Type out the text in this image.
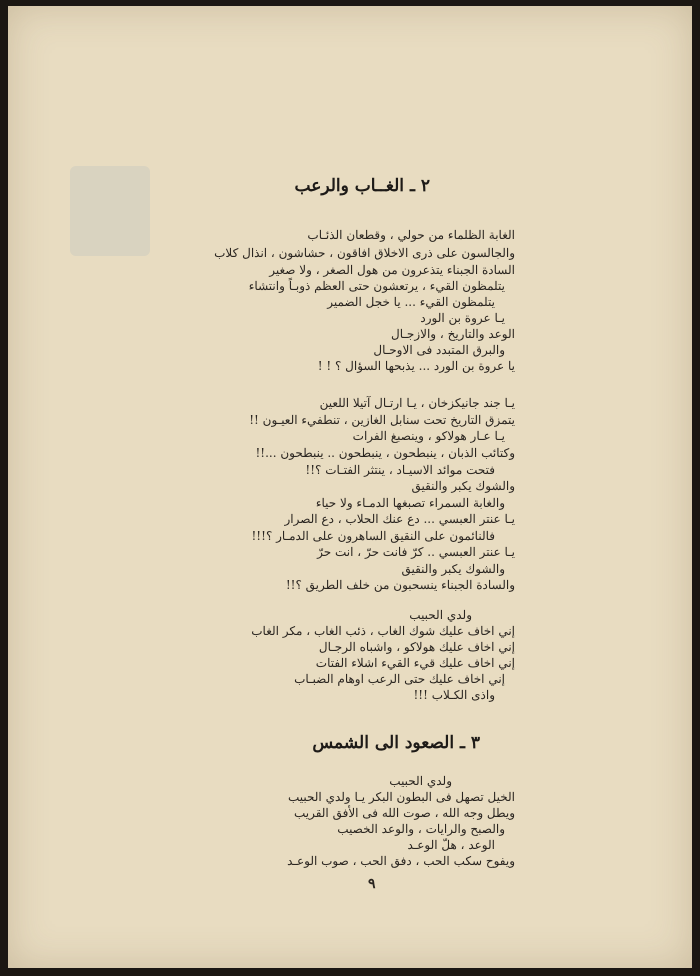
٢ ـ الغــاب والرعب
الغابة الظلماء من حولي ، وقطعان الذئـاب
والجالسون على ذرى الاخلاق افاقون ، حشاشون ، انذال كلاب
السادة الجبناء يتذعرون من هول الصغر ، ولا صغير
يتلمظون القيء ، يرتعشون حتى العظم ذوبـاً وانتشاء
يتلمظون القيء ... يا خجل الضمير
يـا عروة بن الورد
الوعد والتاريخ ، والازجـال
والبرق المتبدد فى الاوحـال
يا عروة بن الورد ... يذبحها السؤال ؟ ! !
يـا جند جانيكزخان ، يـا ارتـال آتيلا اللعين
يتمزق التاريخ تحت سنابل الغازين ، تنطفيء العيـون !!
يـا عـار هولاكو ، وينصبغ الفرات
وكتائب الذبان ، ينبطحون ، ينبطحون .. ينبطحون ...!!
فتحت موائد الاسيـاد ، ينتثر الفتـات ؟!!
والشوك يكبر والنقيق
والغابة السمراء تصبغها الدمـاء ولا حياء
يـا عنتر العبسي ... دع عنك الحلاب ، دع الصرار
فالنائمون على النقيق الساهرون على الدمـار ؟!!!
يـا عنتر العبسي .. كرّ فانت حرّ ، انت حرّ
والشوك يكبر والنقيق
والسادة الجبناء ينسحبون من خلف الطريق ؟!!
ولدي الحبيب
إني اخاف عليك شوك الغاب ، ذئب الغاب ، مكر الغاب
إني اخاف عليك هولاكو ، واشباه الرجـال
إني اخاف عليك قيء القيء اشلاء الفتات
إني اخاف عليك حتى الرعب اوهام الضبـاب
واذى الكـلاب !!!
٣ ـ الصعود الى الشمس
ولدي الحبيب
الخيل تصهل فى البطون البكر يـا ولدي الحبيب
ويطل وجه الله ، صوت الله فى الأفق القريب
والصبح والرايات ، والوعد الخصيب
الوعد ، هلّ الوعـد
ويفوح سكب الحب ، دفق الحب ، صوب الوعـد
٩
